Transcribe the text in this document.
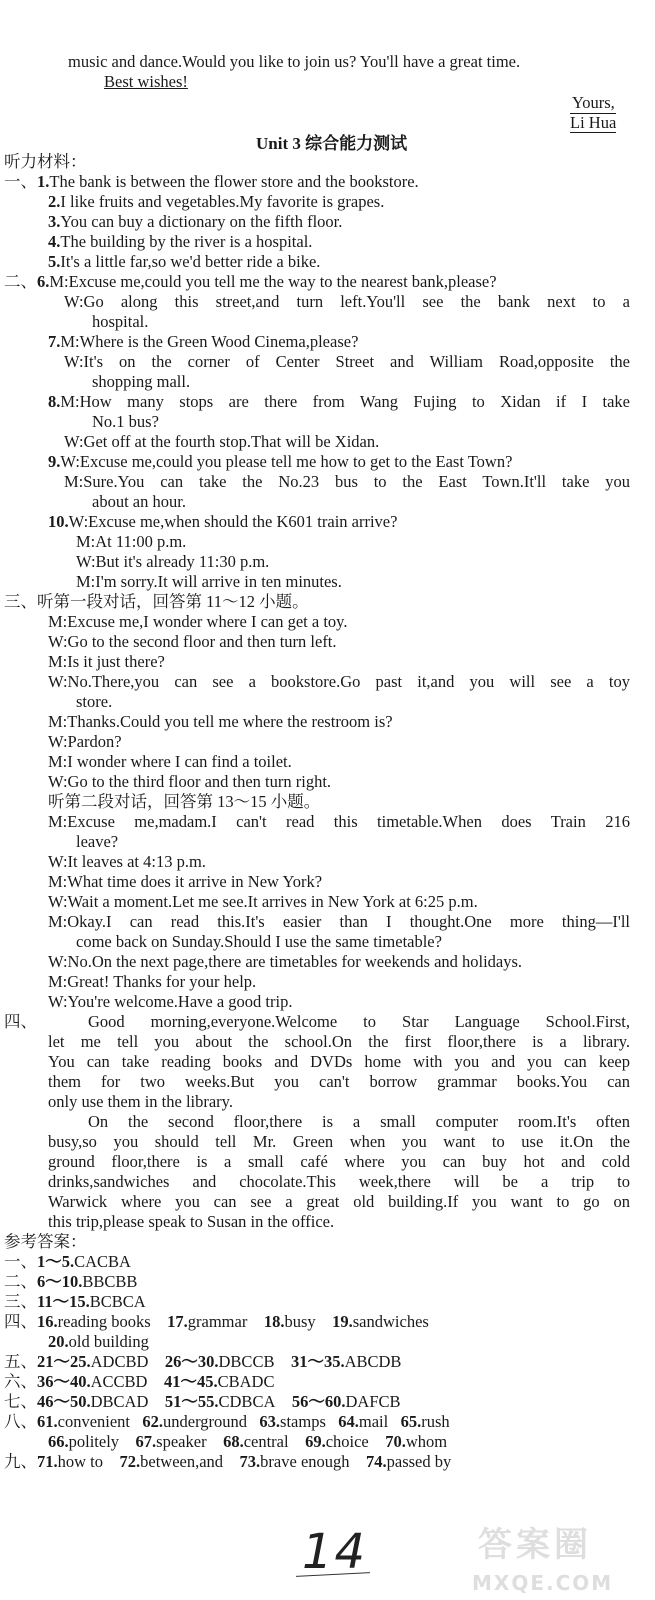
music and dance.Would you like to join us? You'll have a great time.
Best wishes!
Yours,
Li Hua
Unit 3 综合能力测试
听力材料：
一、1.The bank is between the flower store and the bookstore.
2.I like fruits and vegetables.My favorite is grapes.
3.You can buy a dictionary on the fifth floor.
4.The building by the river is a hospital.
5.It's a little far,so we'd better ride a bike.
二、6.M:Excuse me,could you tell me the way to the nearest bank,please?
W:Go along this street,and turn left.You'll see the bank next to a
hospital.
7.M:Where is the Green Wood Cinema,please?
W:It's on the corner of Center Street and William Road,opposite the
shopping mall.
8.M:How many stops are there from Wang Fujing to Xidan if I take
No.1 bus?
W:Get off at the fourth stop.That will be Xidan.
9.W:Excuse me,could you please tell me how to get to the East Town?
M:Sure.You can take the No.23 bus to the East Town.It'll take you
about an hour.
10.W:Excuse me,when should the K601 train arrive?
M:At 11:00 p.m.
W:But it's already 11:30 p.m.
M:I'm sorry.It will arrive in ten minutes.
三、听第一段对话，回答第 11～12 小题。
M:Excuse me,I wonder where I can get a toy.
W:Go to the second floor and then turn left.
M:Is it just there?
W:No.There,you can see a bookstore.Go past it,and you will see a toy
store.
M:Thanks.Could you tell me where the restroom is?
W:Pardon?
M:I wonder where I can find a toilet.
W:Go to the third floor and then turn right.
听第二段对话，回答第 13～15 小题。
M:Excuse me,madam.I can't read this timetable.When does Train 216
leave?
W:It leaves at 4:13 p.m.
M:What time does it arrive in New York?
W:Wait a moment.Let me see.It arrives in New York at 6:25 p.m.
M:Okay.I can read this.It's easier than I thought.One more thing—I'll
come back on Sunday.Should I use the same timetable?
W:No.On the next page,there are timetables for weekends and holidays.
M:Great! Thanks for your help.
W:You're welcome.Have a good trip.
四、	Good morning,everyone.Welcome to Star Language School.First,
let me tell you about the school.On the first floor,there is a library.
You can take reading books and DVDs home with you and you can keep
them for two weeks.But you can't borrow grammar books.You can
only use them in the library.
On the second floor,there is a small computer room.It's often
busy,so you should tell Mr. Green when you want to use it.On the
ground floor,there is a small café where you can buy hot and cold
drinks,sandwiches and chocolate.This week,there will be a trip to
Warwick where you can see a great old building.If you want to go on
this trip,please speak to Susan in the office.
参考答案：
一、1～5.CACBA
二、6～10.BBCBB
三、11～15.BCBCA
四、16.reading books 17.grammar 18.busy 19.sandwiches
20.old building
五、21～25.ADCBD 26～30.DBCCB 31～35.ABCDB
六、36～40.ACCBD 41～45.CBADC
七、46～50.DBCAD 51～55.CDBCA 56～60.DAFCB
八、61.convenient 62.underground 63.stamps 64.mail 65.rush
66.politely 67.speaker 68.central 69.choice 70.whom
九、71.how to 72.between,and 73.brave enough 74.passed by
14	答案圈
MXQE.COM
